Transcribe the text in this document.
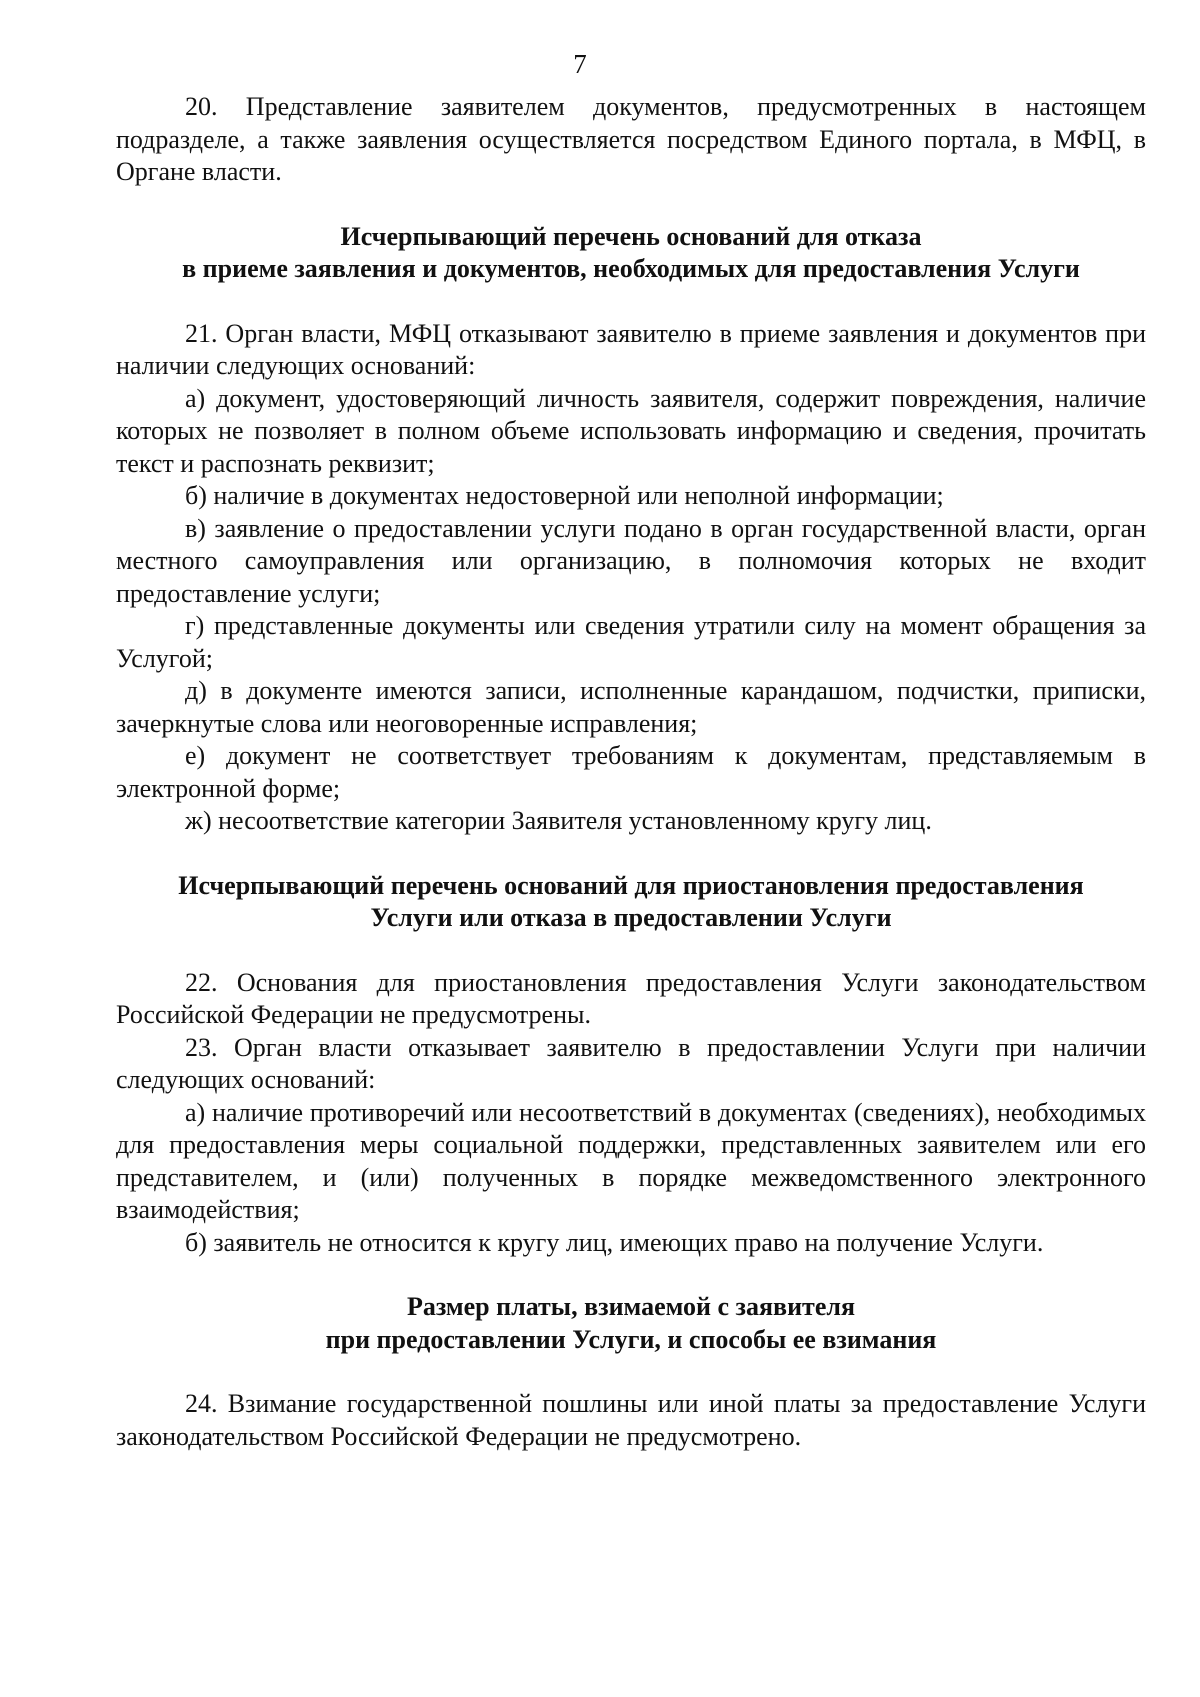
7

20. Представление заявителем документов, предусмотренных в настоящем подразделе, а также заявления осуществляется посредством Единого портала, в МФЦ, в Органе власти.

Исчерпывающий перечень оснований для отказа
в приеме заявления и документов, необходимых для предоставления Услуги

21. Орган власти, МФЦ отказывают заявителю в приеме заявления и документов при наличии следующих оснований:

а) документ, удостоверяющий личность заявителя, содержит повреждения, наличие которых не позволяет в полном объеме использовать информацию и сведения, прочитать текст и распознать реквизит;

б) наличие в документах недостоверной или неполной информации;

в) заявление о предоставлении услуги подано в орган государственной власти, орган местного самоуправления или организацию, в полномочия которых не входит предоставление услуги;

г) представленные документы или сведения утратили силу на момент обращения за Услугой;

д) в документе имеются записи, исполненные карандашом, подчистки, приписки, зачеркнутые слова или неоговоренные исправления;

е) документ не соответствует требованиям к документам, представляемым в электронной форме;

ж) несоответствие категории Заявителя установленному кругу лиц.

Исчерпывающий перечень оснований для приостановления предоставления
Услуги или отказа в предоставлении Услуги

22. Основания для приостановления предоставления Услуги законодательством Российской Федерации не предусмотрены.

23. Орган власти отказывает заявителю в предоставлении Услуги при наличии следующих оснований:

а) наличие противоречий или несоответствий в документах (сведениях), необходимых для предоставления меры социальной поддержки, представленных заявителем или его представителем, и (или) полученных в порядке межведомственного электронного взаимодействия;

б) заявитель не относится к кругу лиц, имеющих право на получение Услуги.

Размер платы, взимаемой с заявителя
при предоставлении Услуги, и способы ее взимания

24. Взимание государственной пошлины или иной платы за предоставление Услуги законодательством Российской Федерации не предусмотрено.
